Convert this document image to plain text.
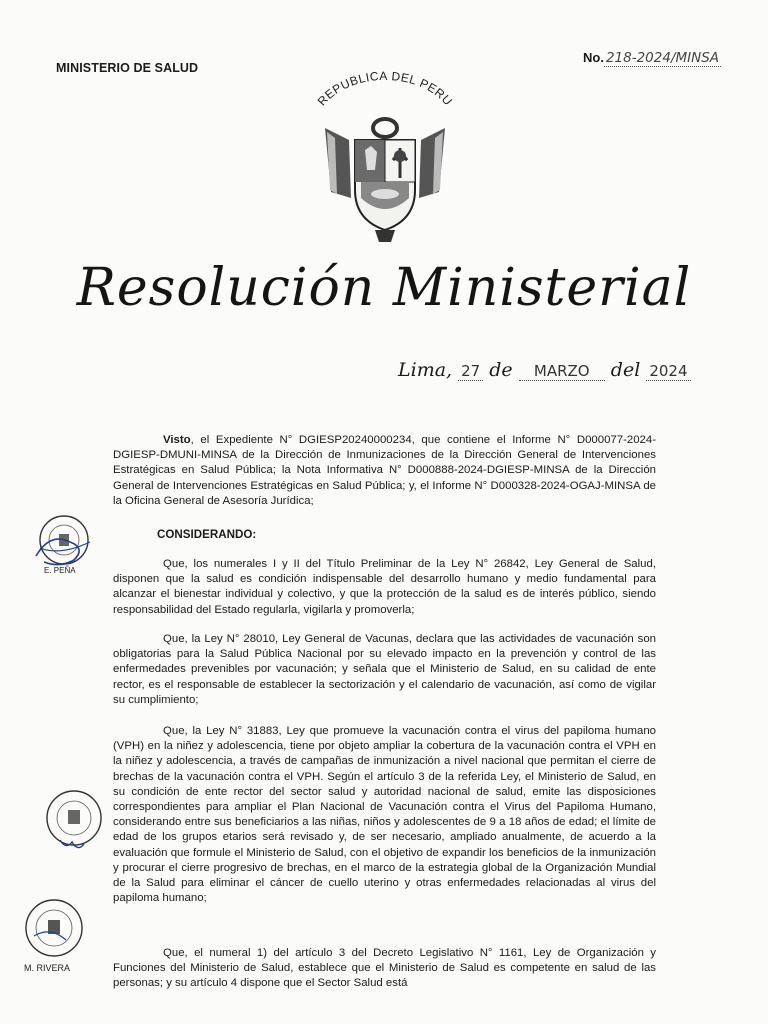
MINISTERIO DE SALUD
No. 218-2024/MINSA
REPUBLICA DEL PERU
Resolución Ministerial
Lima, 27 de MARZO del 2024

Visto, el Expediente N° DGIESP20240000234, que contiene el Informe N° D000077-2024-DGIESP-DMUNI-MINSA de la Dirección de Inmunizaciones de la Dirección General de Intervenciones Estratégicas en Salud Pública; la Nota Informativa N° D000888-2024-DGIESP-MINSA de la Dirección General de Intervenciones Estratégicas en Salud Pública; y, el Informe N° D000328-2024-OGAJ-MINSA de la Oficina General de Asesoría Jurídica;

CONSIDERANDO:

Que, los numerales I y II del Título Preliminar de la Ley N° 26842, Ley General de Salud, disponen que la salud es condición indispensable del desarrollo humano y medio fundamental para alcanzar el bienestar individual y colectivo, y que la protección de la salud es de interés público, siendo responsabilidad del Estado regularla, vigilarla y promoverla;

Que, la Ley N° 28010, Ley General de Vacunas, declara que las actividades de vacunación son obligatorias para la Salud Pública Nacional por su elevado impacto en la prevención y control de las enfermedades prevenibles por vacunación; y señala que el Ministerio de Salud, en su calidad de ente rector, es el responsable de establecer la sectorización y el calendario de vacunación, así como de vigilar su cumplimiento;

Que, la Ley N° 31883, Ley que promueve la vacunación contra el virus del papiloma humano (VPH) en la niñez y adolescencia, tiene por objeto ampliar la cobertura de la vacunación contra el VPH en la niñez y adolescencia, a través de campañas de inmunización a nivel nacional que permitan el cierre de brechas de la vacunación contra el VPH. Según el artículo 3 de la referida Ley, el Ministerio de Salud, en su condición de ente rector del sector salud y autoridad nacional de salud, emite las disposiciones correspondientes para ampliar el Plan Nacional de Vacunación contra el Virus del Papiloma Humano, considerando entre sus beneficiarios a las niñas, niños y adolescentes de 9 a 18 años de edad; el límite de edad de los grupos etarios será revisado y, de ser necesario, ampliado anualmente, de acuerdo a la evaluación que formule el Ministerio de Salud, con el objetivo de expandir los beneficios de la inmunización y procurar el cierre progresivo de brechas, en el marco de la estrategia global de la Organización Mundial de la Salud para eliminar el cáncer de cuello uterino y otras enfermedades relacionadas al virus del papiloma humano;

Que, el numeral 1) del artículo 3 del Decreto Legislativo N° 1161, Ley de Organización y Funciones del Ministerio de Salud, establece que el Ministerio de Salud es competente en salud de las personas; y su artículo 4 dispone que el Sector Salud está

E. PEÑA
M. RIVERA
